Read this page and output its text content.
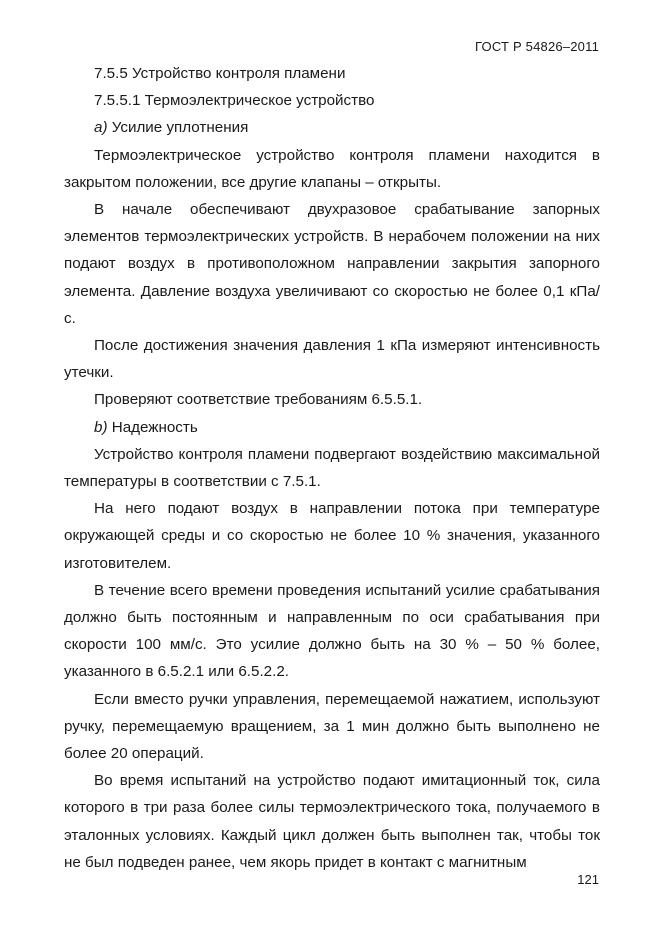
ГОСТ Р 54826–2011

7.5.5 Устройство контроля пламени

7.5.5.1 Термоэлектрическое устройство

a) Усилие уплотнения

Термоэлектрическое устройство контроля пламени находится в закрытом положении, все другие клапаны – открыты.

В начале обеспечивают двухразовое срабатывание запорных элементов термоэлектрических устройств. В нерабочем положении на них подают воздух в противоположном направлении закрытия запорного элемента. Давление воздуха увеличивают со скоростью не более 0,1 кПа/с.

После достижения значения давления 1 кПа измеряют интенсивность утечки.

Проверяют соответствие требованиям 6.5.5.1.

b) Надежность

Устройство контроля пламени подвергают воздействию максимальной температуры в соответствии с 7.5.1.

На него подают воздух в направлении потока при температуре окружающей среды и со скоростью не более 10 % значения, указанного изготовителем.

В течение всего времени проведения испытаний усилие срабатывания должно быть постоянным и направленным по оси срабатывания при скорости 100 мм/с. Это усилие должно быть на 30 % – 50 % более, указанного в 6.5.2.1 или 6.5.2.2.

Если вместо ручки управления, перемещаемой нажатием, используют ручку, перемещаемую вращением, за 1 мин должно быть выполнено не более 20 операций.

Во время испытаний на устройство подают имитационный ток, сила которого в три раза более силы термоэлектрического тока, получаемого в эталонных условиях. Каждый цикл должен быть выполнен так, чтобы ток не был подведен ранее, чем якорь придет в контакт с магнитным

121
